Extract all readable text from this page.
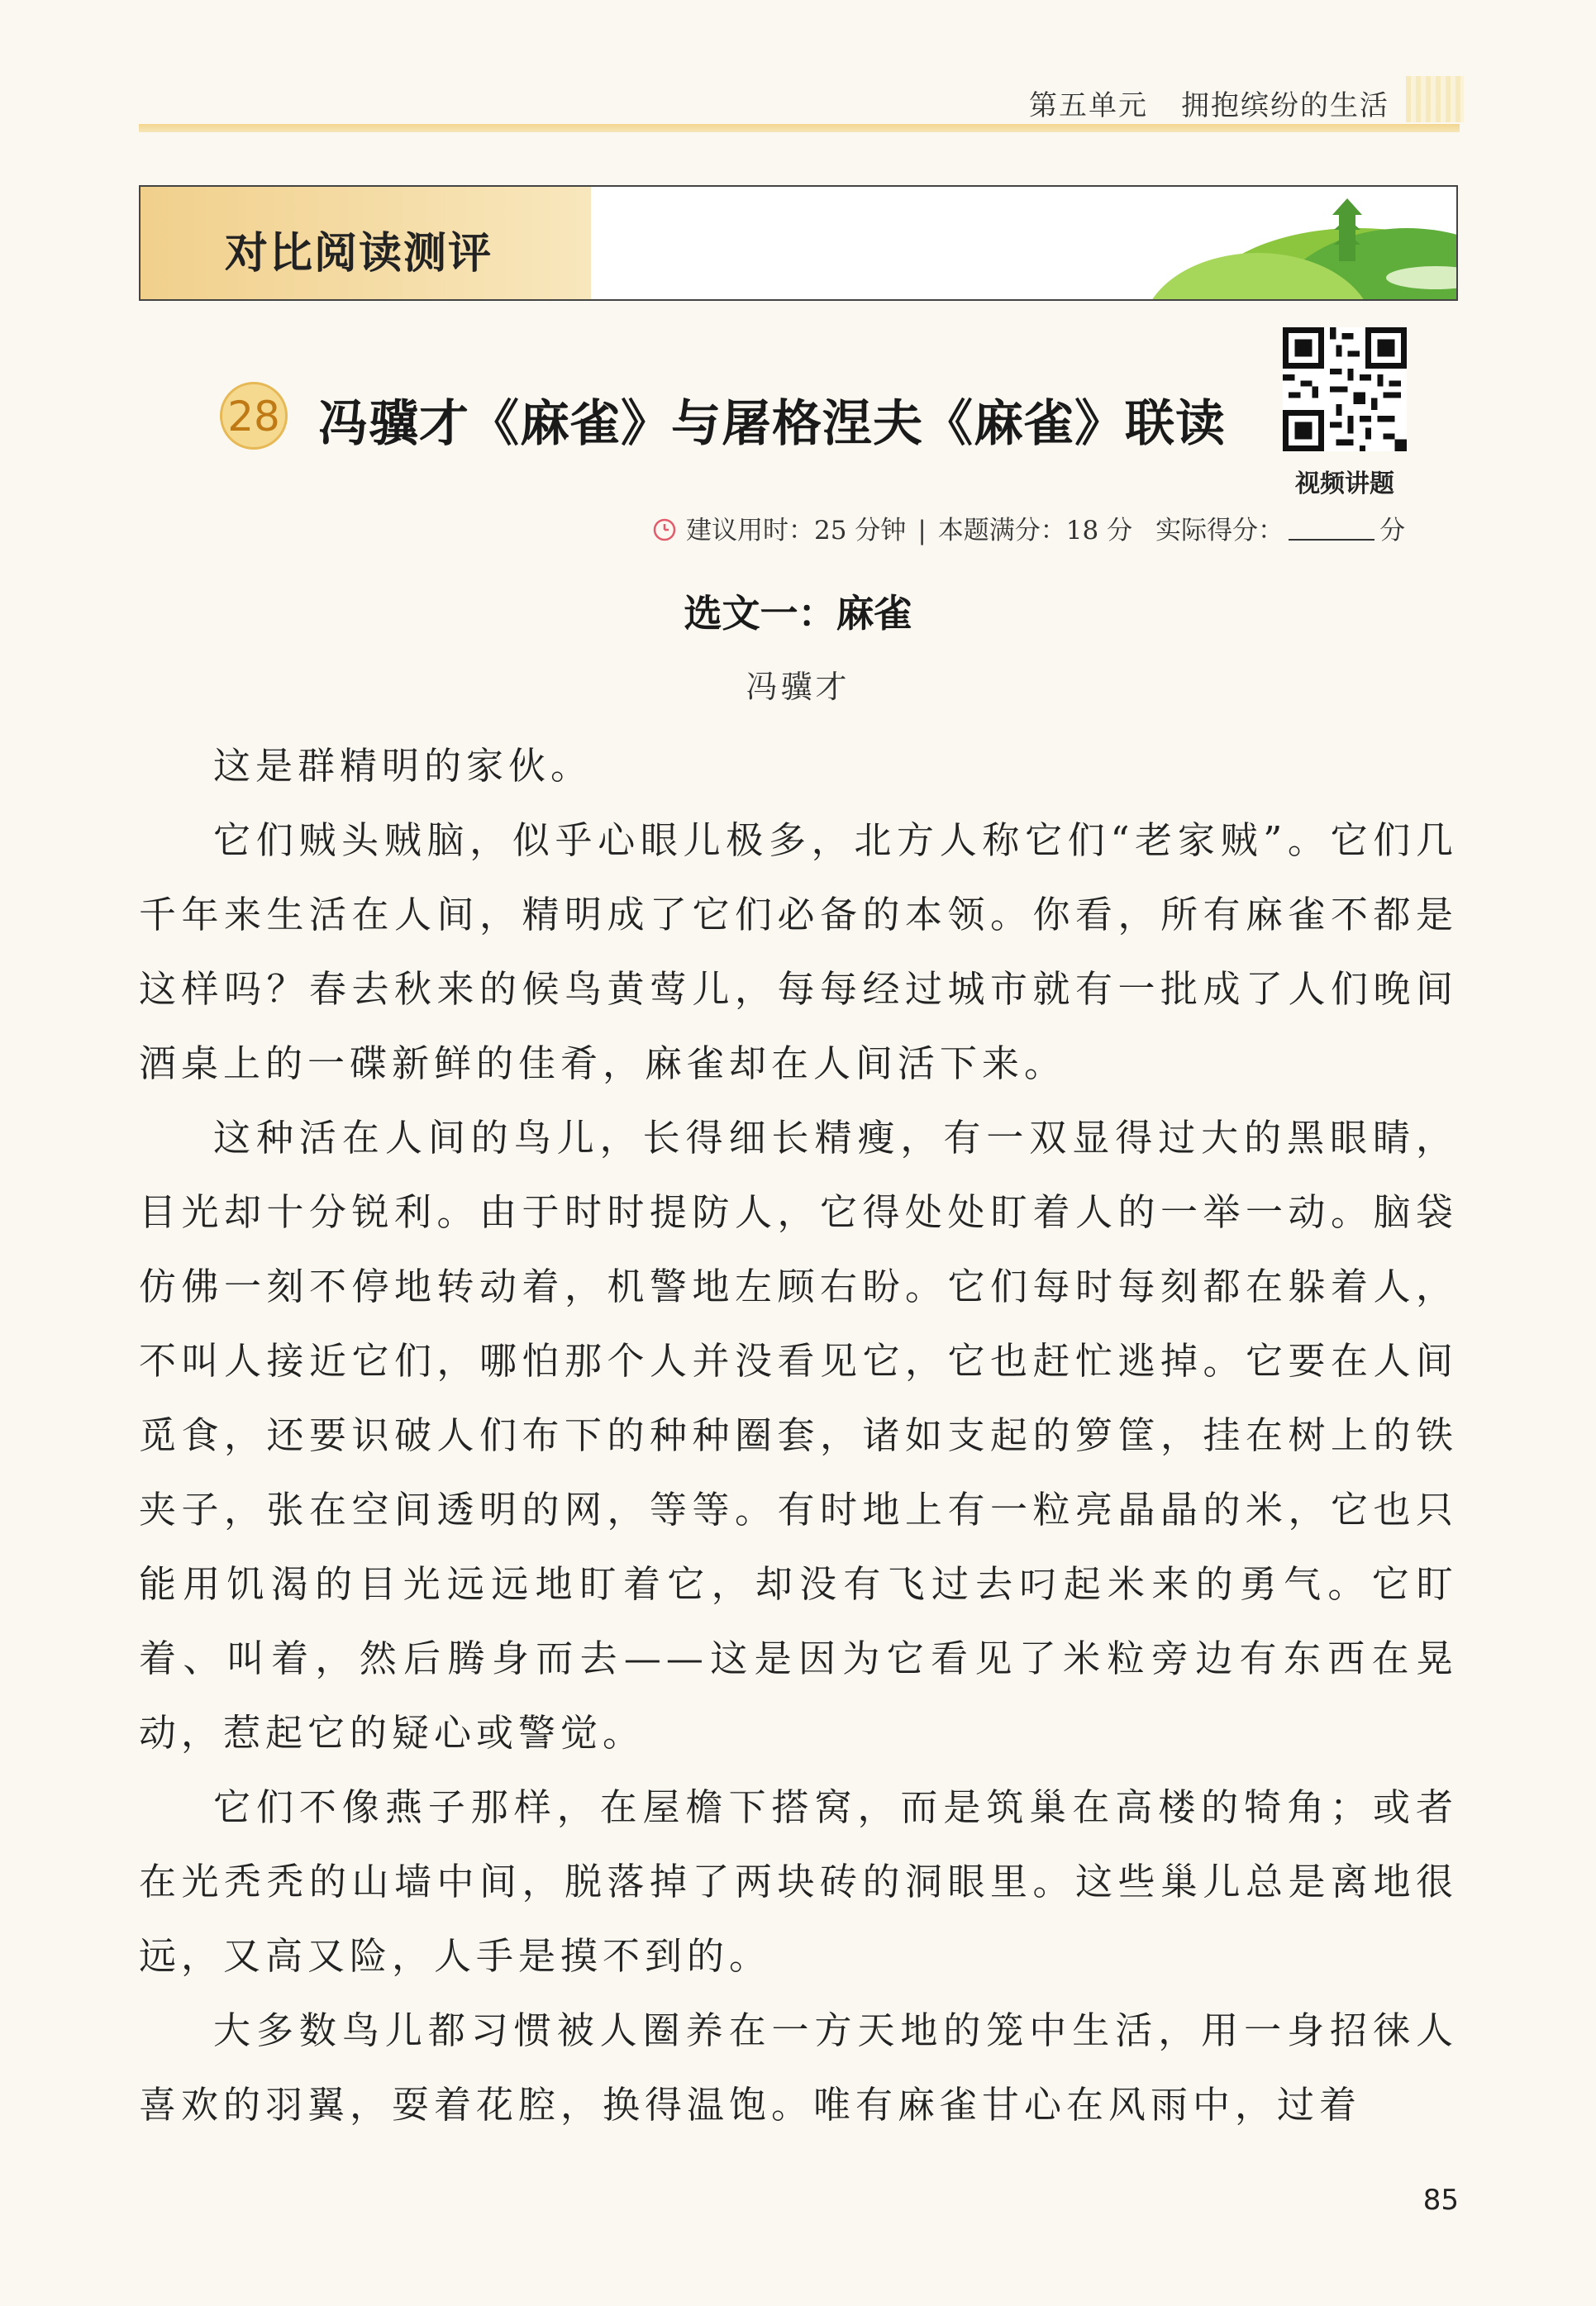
第五单元 拥抱缤纷的生活
对比阅读测评
28 冯骥才《麻雀》与屠格涅夫《麻雀》联读
视频讲题
建议用时：25 分钟 | 本题满分：18 分 实际得分：	分
选文一：麻雀
冯骥才

这是群精明的家伙。

它们贼头贼脑，似乎心眼儿极多，北方人称它们“老家贼”。它们几千年来生活在人间，精明成了它们必备的本领。你看，所有麻雀不都是这样吗？春去秋来的候鸟黄莺儿，每每经过城市就有一批成了人们晚间酒桌上的一碟新鲜的佳肴，麻雀却在人间活下来。

这种活在人间的鸟儿，长得细长精瘦，有一双显得过大的黑眼睛，目光却十分锐利。由于时时提防人，它得处处盯着人的一举一动。脑袋仿佛一刻不停地转动着，机警地左顾右盼。它们每时每刻都在躲着人，不叫人接近它们，哪怕那个人并没看见它，它也赶忙逃掉。它要在人间觅食，还要识破人们布下的种种圈套，诸如支起的箩筐，挂在树上的铁夹子，张在空间透明的网，等等。有时地上有一粒亮晶晶的米，它也只能用饥渴的目光远远地盯着它，却没有飞过去叼起米来的勇气。它盯着、叫着，然后腾身而去——这是因为它看见了米粒旁边有东西在晃动，惹起它的疑心或警觉。

它们不像燕子那样，在屋檐下搭窝，而是筑巢在高楼的犄角；或者在光秃秃的山墙中间，脱落掉了两块砖的洞眼里。这些巢儿总是离地很远，又高又险，人手是摸不到的。

大多数鸟儿都习惯被人圈养在一方天地的笼中生活，用一身招徕人喜欢的羽翼，耍着花腔，换得温饱。唯有麻雀甘心在风雨中，过着

85
